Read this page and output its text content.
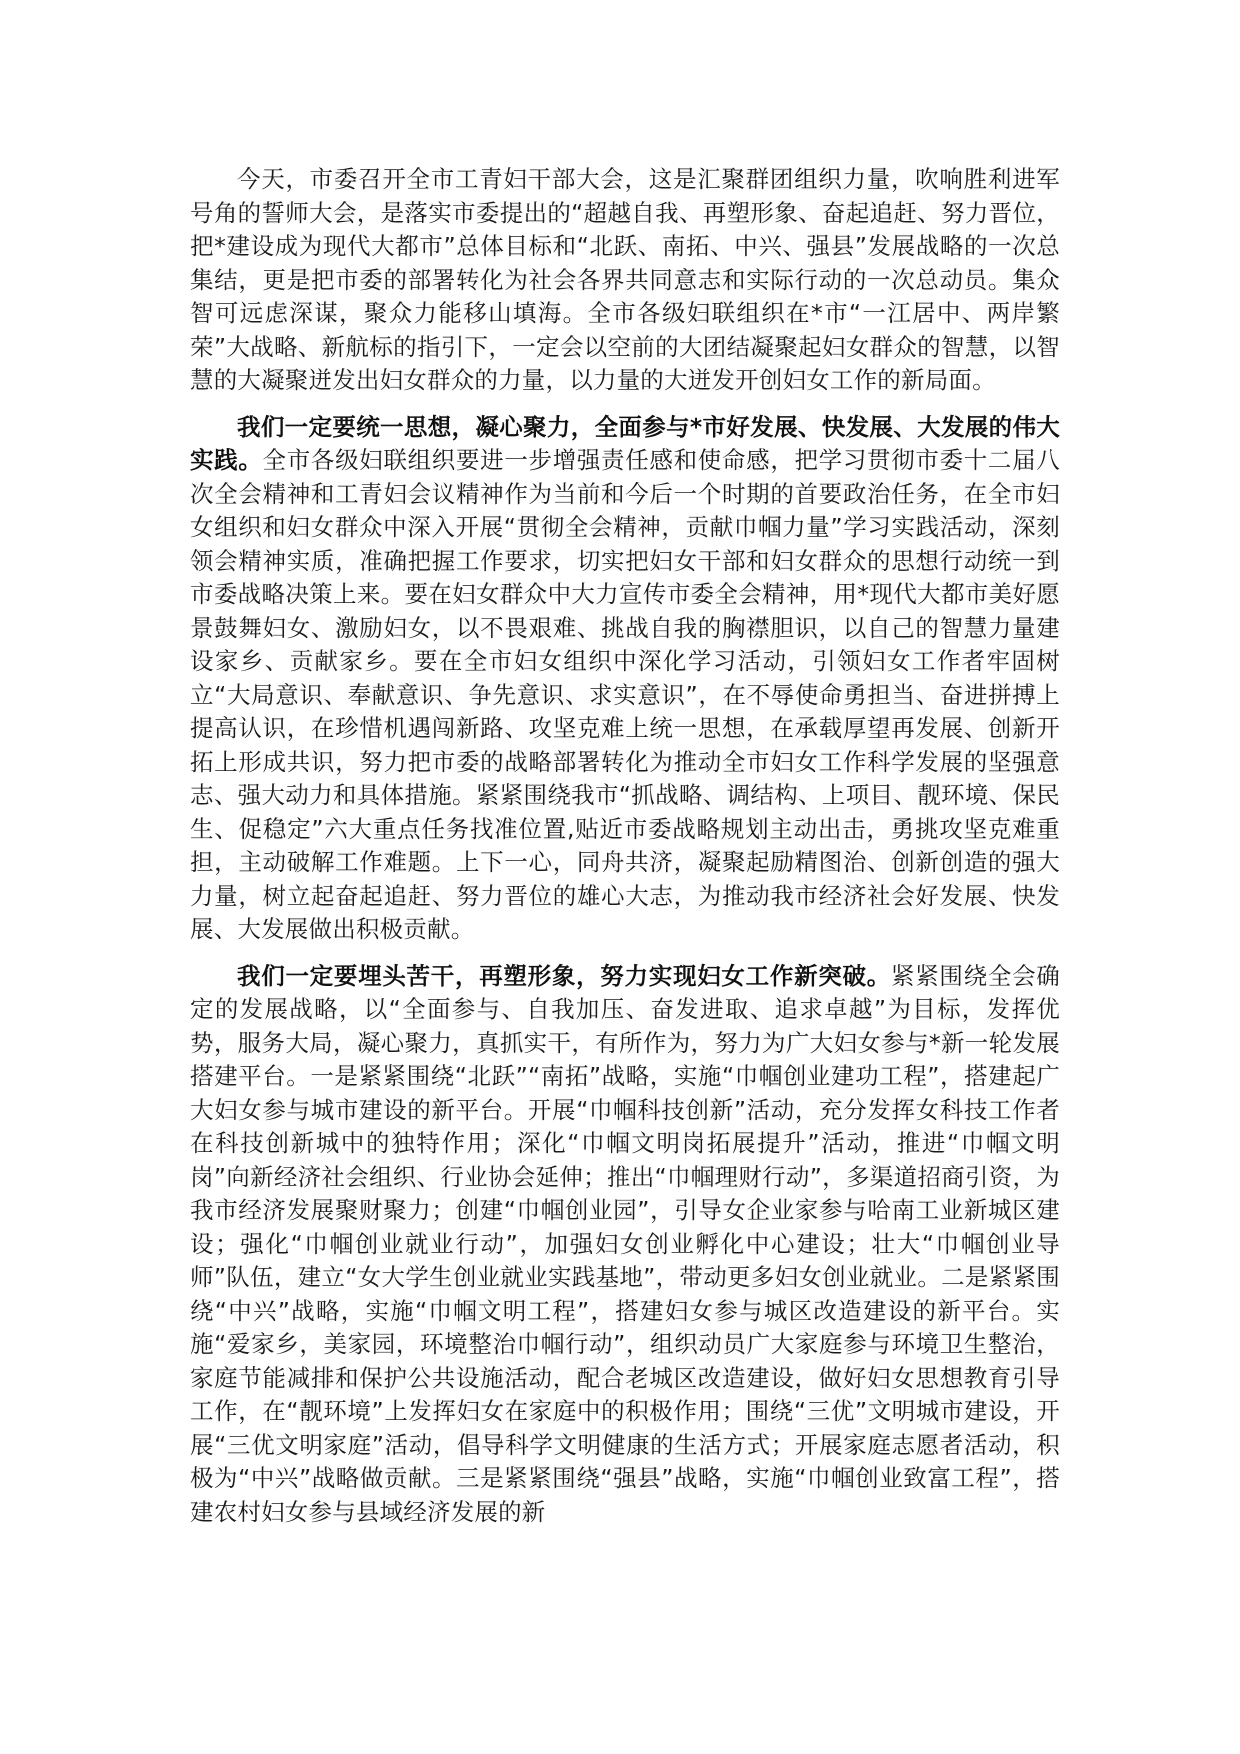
今天，市委召开全市工青妇干部大会，这是汇聚群团组织力量，吹响胜利进军号角的誓师大会，是落实市委提出的“超越自我、再塑形象、奋起追赶、努力晋位，把*建设成为现代大都市”总体目标和“北跃、南拓、中兴、强县”发展战略的一次总集结，更是把市委的部署转化为社会各界共同意志和实际行动的一次总动员。集众智可远虑深谋，聚众力能移山填海。全市各级妇联组织在*市“一江居中、两岸繁荣”大战略、新航标的指引下，一定会以空前的大团结凝聚起妇女群众的智慧，以智慧的大凝聚迸发出妇女群众的力量，以力量的大迸发开创妇女工作的新局面。

我们一定要统一思想，凝心聚力，全面参与*市好发展、快发展、大发展的伟大实践。全市各级妇联组织要进一步增强责任感和使命感，把学习贯彻市委十二届八次全会精神和工青妇会议精神作为当前和今后一个时期的首要政治任务，在全市妇女组织和妇女群众中深入开展“贯彻全会精神，贡献巾帼力量”学习实践活动，深刻领会精神实质，准确把握工作要求，切实把妇女干部和妇女群众的思想行动统一到市委战略决策上来。要在妇女群众中大力宣传市委全会精神，用*现代大都市美好愿景鼓舞妇女、激励妇女，以不畏艰难、挑战自我的胸襟胆识，以自己的智慧力量建设家乡、贡献家乡。要在全市妇女组织中深化学习活动，引领妇女工作者牢固树立“大局意识、奉献意识、争先意识、求实意识”，在不辱使命勇担当、奋进拼搏上提高认识，在珍惜机遇闯新路、攻坚克难上统一思想，在承载厚望再发展、创新开拓上形成共识，努力把市委的战略部署转化为推动全市妇女工作科学发展的坚强意志、强大动力和具体措施。紧紧围绕我市“抓战略、调结构、上项目、靓环境、保民生、促稳定”六大重点任务找准位置,贴近市委战略规划主动出击，勇挑攻坚克难重担，主动破解工作难题。上下一心，同舟共济，凝聚起励精图治、创新创造的强大力量，树立起奋起追赶、努力晋位的雄心大志，为推动我市经济社会好发展、快发展、大发展做出积极贡献。

我们一定要埋头苦干，再塑形象，努力实现妇女工作新突破。紧紧围绕全会确定的发展战略，以“全面参与、自我加压、奋发进取、追求卓越”为目标，发挥优势，服务大局，凝心聚力，真抓实干，有所作为，努力为广大妇女参与*新一轮发展搭建平台。一是紧紧围绕“北跃”“南拓”战略，实施“巾帼创业建功工程”，搭建起广大妇女参与城市建设的新平台。开展“巾帼科技创新”活动，充分发挥女科技工作者在科技创新城中的独特作用；深化“巾帼文明岗拓展提升”活动，推进“巾帼文明岗”向新经济社会组织、行业协会延伸；推出“巾帼理财行动”，多渠道招商引资，为我市经济发展聚财聚力；创建“巾帼创业园”，引导女企业家参与哈南工业新城区建设；强化“巾帼创业就业行动”，加强妇女创业孵化中心建设；壮大“巾帼创业导师”队伍，建立“女大学生创业就业实践基地”，带动更多妇女创业就业。二是紧紧围绕“中兴”战略，实施“巾帼文明工程”，搭建妇女参与城区改造建设的新平台。实施“爱家乡，美家园，环境整治巾帼行动”，组织动员广大家庭参与环境卫生整治，家庭节能减排和保护公共设施活动，配合老城区改造建设，做好妇女思想教育引导工作，在“靓环境”上发挥妇女在家庭中的积极作用；围绕“三优”文明城市建设，开展“三优文明家庭”活动，倡导科学文明健康的生活方式；开展家庭志愿者活动，积极为“中兴”战略做贡献。三是紧紧围绕“强县”战略，实施“巾帼创业致富工程”，搭建农村妇女参与县域经济发展的新
